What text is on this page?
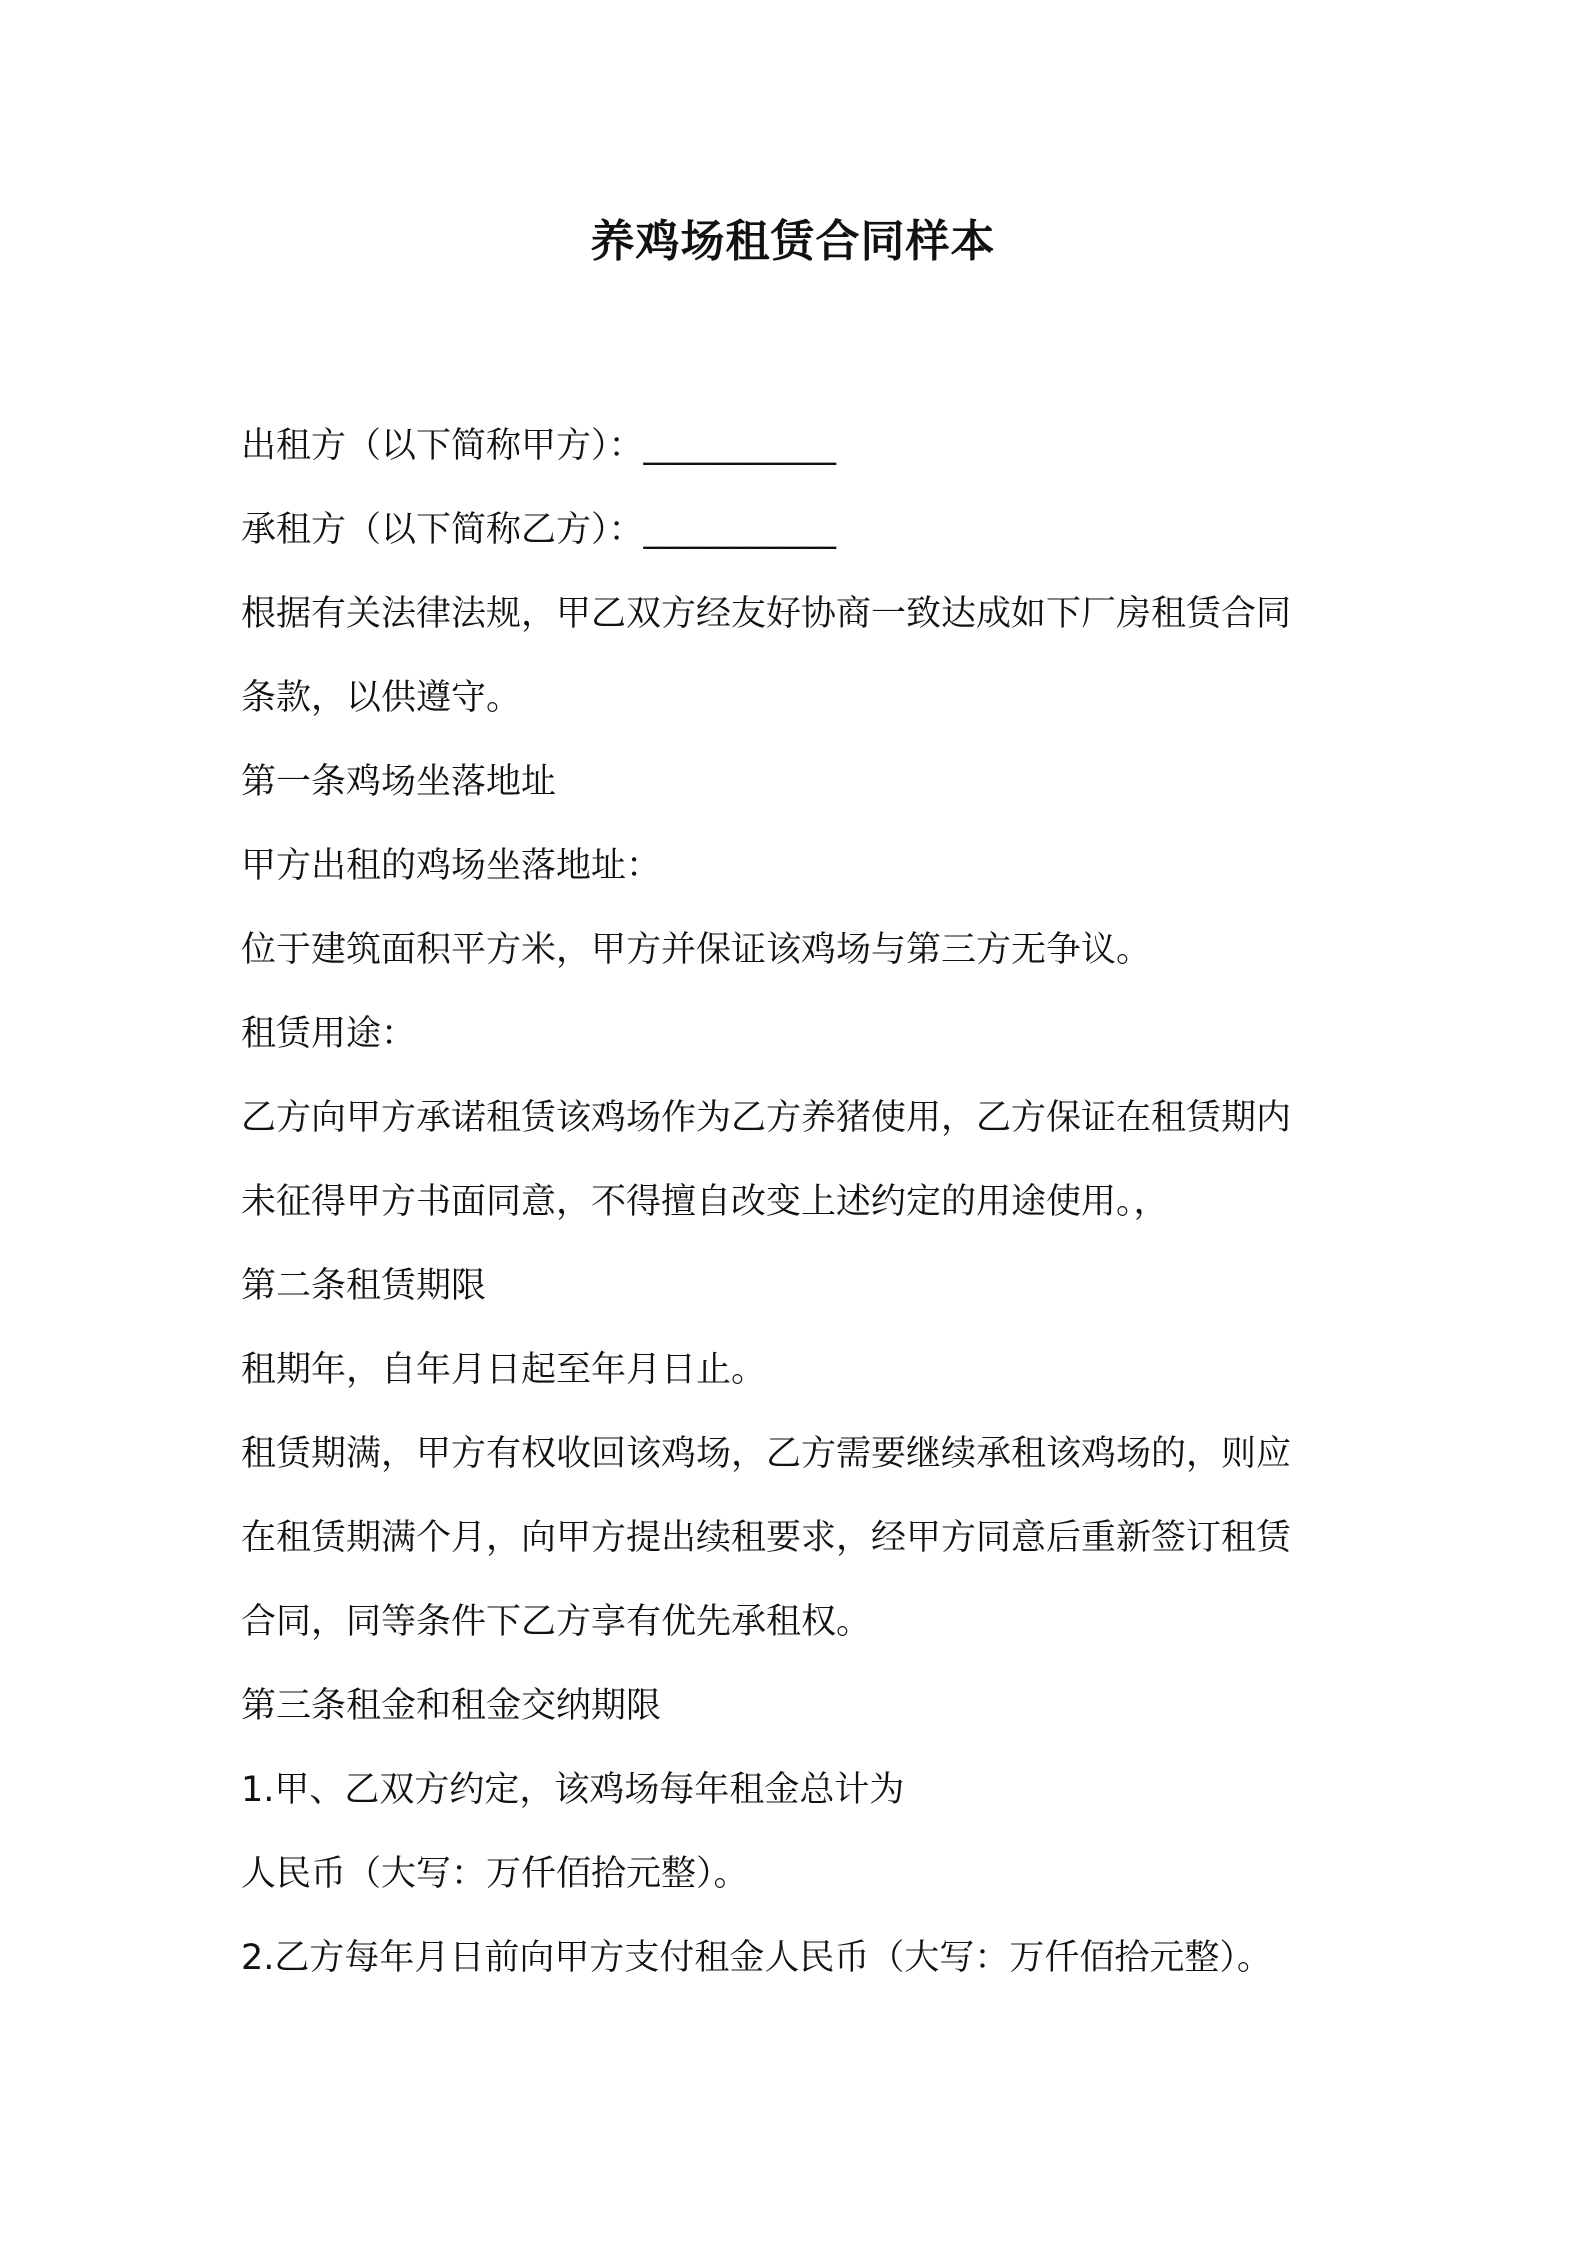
养鸡场租赁合同样本
出租方（以下简称甲方）：___________
承租方（以下简称乙方）：___________
根据有关法律法规，甲乙双方经友好协商一致达成如下厂房租赁合同
条款，以供遵守。
第一条鸡场坐落地址
甲方出租的鸡场坐落地址：
位于建筑面积平方米，甲方并保证该鸡场与第三方无争议。
租赁用途：
乙方向甲方承诺租赁该鸡场作为乙方养猪使用，乙方保证在租赁期内
未征得甲方书面同意，不得擅自改变上述约定的用途使用。，
第二条租赁期限
租期年，自年月日起至年月日止。
租赁期满，甲方有权收回该鸡场，乙方需要继续承租该鸡场的，则应
在租赁期满个月，向甲方提出续租要求，经甲方同意后重新签订租赁
合同，同等条件下乙方享有优先承租权。
第三条租金和租金交纳期限
1.甲、乙双方约定，该鸡场每年租金总计为
人民币（大写：万仟佰拾元整）。
2.乙方每年月日前向甲方支付租金人民币（大写：万仟佰拾元整）。
